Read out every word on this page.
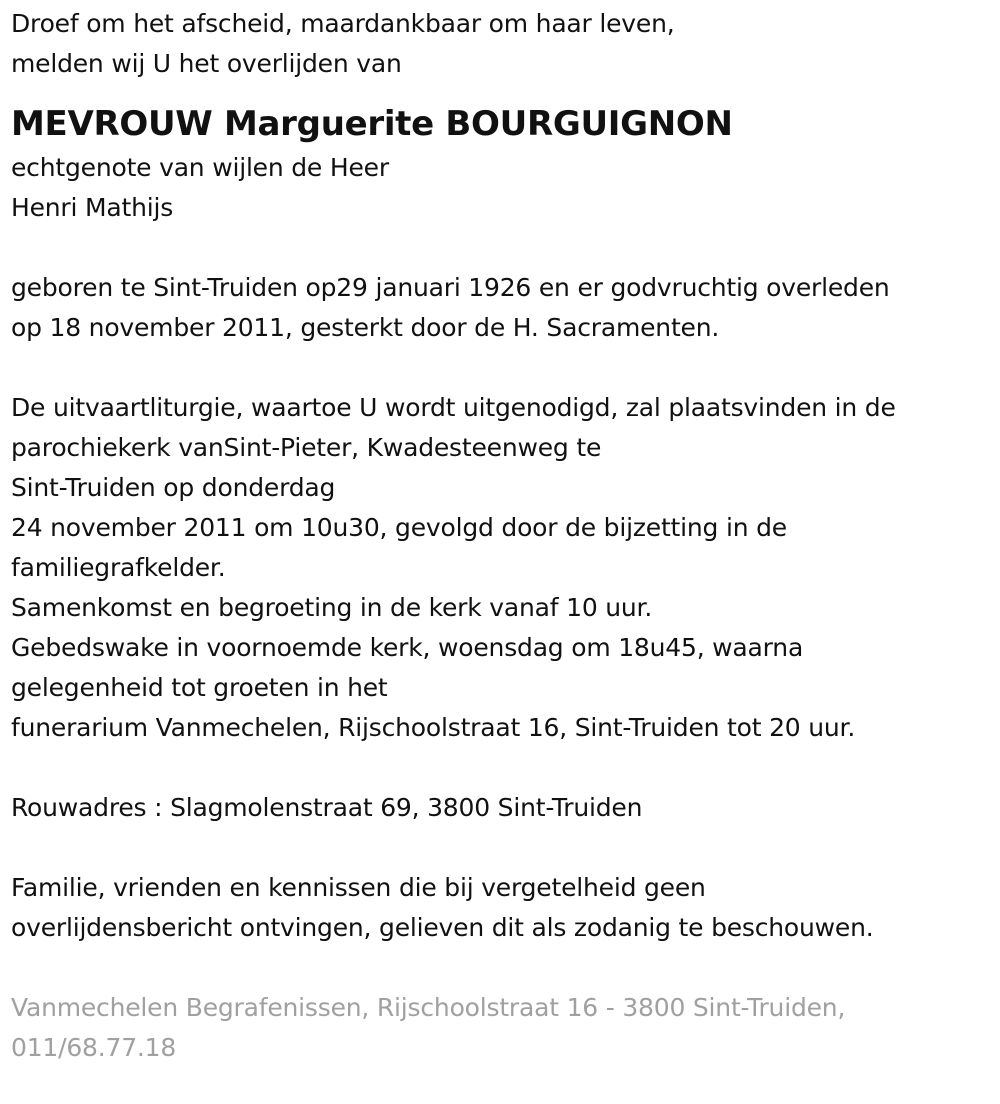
Droef om het afscheid, maardankbaar om haar leven,
melden wij U het overlijden van
MEVROUW Marguerite BOURGUIGNON
echtgenote van wijlen de Heer
Henri Mathijs
geboren te Sint-Truiden op29 januari 1926 en er godvruchtig overleden
op 18 november 2011, gesterkt door de H. Sacramenten.
De uitvaartliturgie, waartoe U wordt uitgenodigd, zal plaatsvinden in de
parochiekerk vanSint-Pieter, Kwadesteenweg te
Sint-Truiden op donderdag
24 november 2011 om 10u30, gevolgd door de bijzetting in de
familiegrafkelder.
Samenkomst en begroeting in de kerk vanaf 10 uur.
Gebedswake in voornoemde kerk, woensdag om 18u45, waarna
gelegenheid tot groeten in het
funerarium Vanmechelen, Rijschoolstraat 16, Sint-Truiden tot 20 uur.
Rouwadres : Slagmolenstraat 69, 3800 Sint-Truiden
Familie, vrienden en kennissen die bij vergetelheid geen
overlijdensbericht ontvingen, gelieven dit als zodanig te beschouwen.
Vanmechelen Begrafenissen, Rijschoolstraat 16 - 3800 Sint-Truiden,
011/68.77.18
